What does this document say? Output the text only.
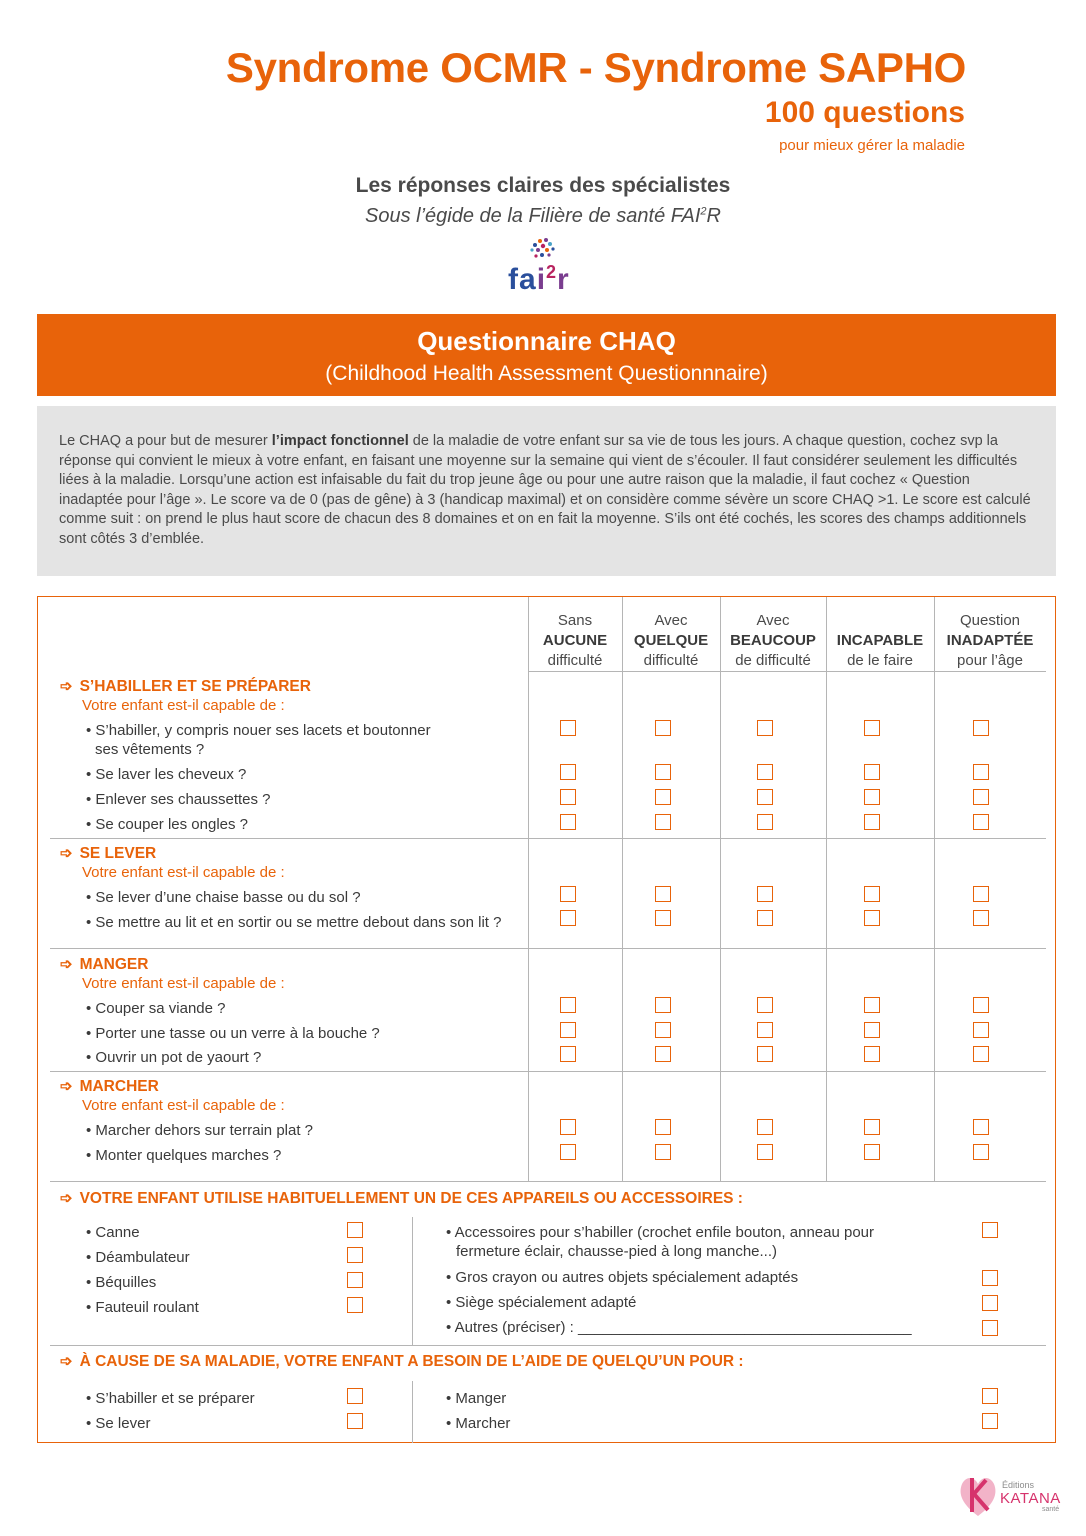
Syndrome OCMR - Syndrome SAPHO
100 questions
pour mieux gérer la maladie
Les réponses claires des spécialistes
Sous l’égide de la Filière de santé FAI$^2$R
fai$^2$r
Questionnaire CHAQ
(Childhood Health Assessment Questionnnaire)
Le CHAQ a pour but de mesurer l’impact fonctionnel de la maladie de votre enfant sur sa vie de tous les jours. A chaque question, cochez svp la réponse qui convient le mieux à votre enfant, en faisant une moyenne sur la semaine qui vient de s’écouler. Il faut considérer seulement les difficultés liées à la maladie. Lorsqu’une action est infaisable du fait du trop jeune âge ou pour une autre raison que la maladie, il faut cochez « Question inadaptée pour l’âge ». Le score va de 0 (pas de gêne) à 3 (handicap maximal) et on considère comme sévère un score CHAQ >1. Le score est calculé comme suit : on prend le plus haut score de chacun des 8 domaines et on en fait la moyenne. S’ils ont été cochés, les scores des champs additionnels sont côtés 3 d’emblée.
Sans
AUCUNE
difficulté
Avec
QUELQUE
difficulté
Avec
BEAUCOUP
de difficulté
INCAPABLE
de le faire
Question
INADAPTÉE
pour l’âge
➩ S’HABILLER ET SE PRÉPARER
Votre enfant est-il capable de :
• S’habiller, y compris nouer ses lacets et boutonner
ses vêtements ?
• Se laver les cheveux ?
• Enlever ses chaussettes ?
• Se couper les ongles ?
➩ SE LEVER
Votre enfant est-il capable de :
• Se lever d’une chaise basse ou du sol ?
• Se mettre au lit et en sortir ou se mettre debout dans son lit ?
➩ MANGER
Votre enfant est-il capable de :
• Couper sa viande ?
• Porter une tasse ou un verre à la bouche ?
• Ouvrir un pot de yaourt ?
➩ MARCHER
Votre enfant est-il capable de :
• Marcher dehors sur terrain plat ?
• Monter quelques marches ?
➩ VOTRE ENFANT UTILISE HABITUELLEMENT UN DE CES APPAREILS OU ACCESSOIRES :
• Canne
• Déambulateur
• Béquilles
• Fauteuil roulant
• Accessoires pour s’habiller (crochet enfile bouton, anneau pour
fermeture éclair, chausse-pied à long manche...)
• Gros crayon ou autres objets spécialement adaptés
• Siège spécialement adapté
• Autres (préciser) : ________________________________________
➩ À CAUSE DE SA MALADIE, VOTRE ENFANT A BESOIN DE L’AIDE DE QUELQU’UN POUR :
• S’habiller et se préparer
• Se lever
• Manger
• Marcher
Éditions
KATANA
santé
